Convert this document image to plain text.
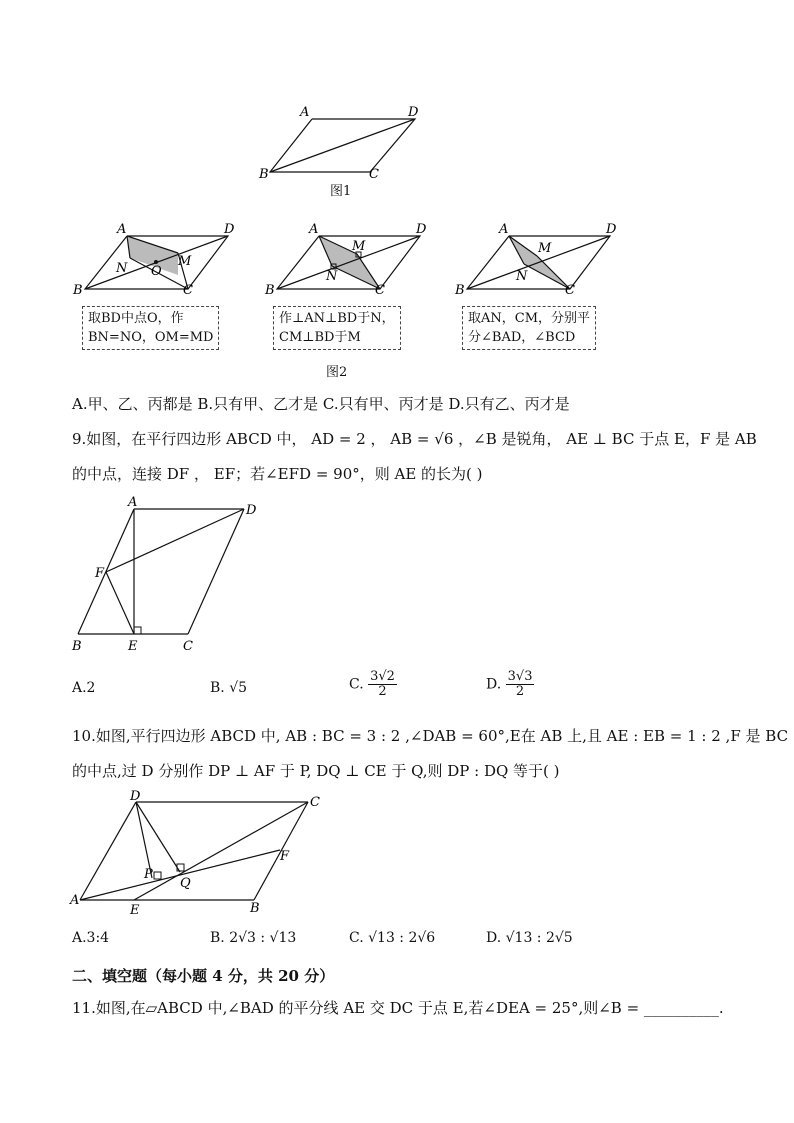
A	D
B	C
图1
A	D
B	C
N O
M
取BD中点O，作
BN=NO，OM=MD
A	D
B	C
M
N
作⊥AN⊥BD于N，
CM⊥BD于M
A	D
B	C
M
N
取AN，CM，分别平
分∠BAD，∠BCD
图2
A.甲、乙、丙都是 B.只有甲、乙才是 C.只有甲、丙才是 D.只有乙、丙才是
9.如图，在平行四边形 ABCD 中， AD = 2 ， AB = √6 ，∠B 是锐角， AE ⊥ BC 于点 E，F 是 AB
的中点，连接 DF ， EF；若∠EFD = 90°，则 AE 的长为( )
A
D
F
B	E	C
A.2	B. √5	C. $\frac{3√2}{2}$	D. $\frac{3√3}{2}$
10.如图,平行四边形 ABCD 中, AB : BC = 3 : 2 ,∠DAB = 60°,E在 AB 上,且 AE : EB = 1 : 2 ,F 是 BC
的中点,过 D 分别作 DP ⊥ AF 于 P, DQ ⊥ CE 于 Q,则 DP : DQ 等于( )
D	C
F
P
Q
A
E	B
A.3:4	B. 2√3 : √13	C. √13 : 2√6	D. √13 : 2√5
二、填空题（每小题 4 分，共 20 分）
11.如图,在▱ABCD 中,∠BAD 的平分线 AE 交 DC 于点 E,若∠DEA = 25°,则∠B = __________.
